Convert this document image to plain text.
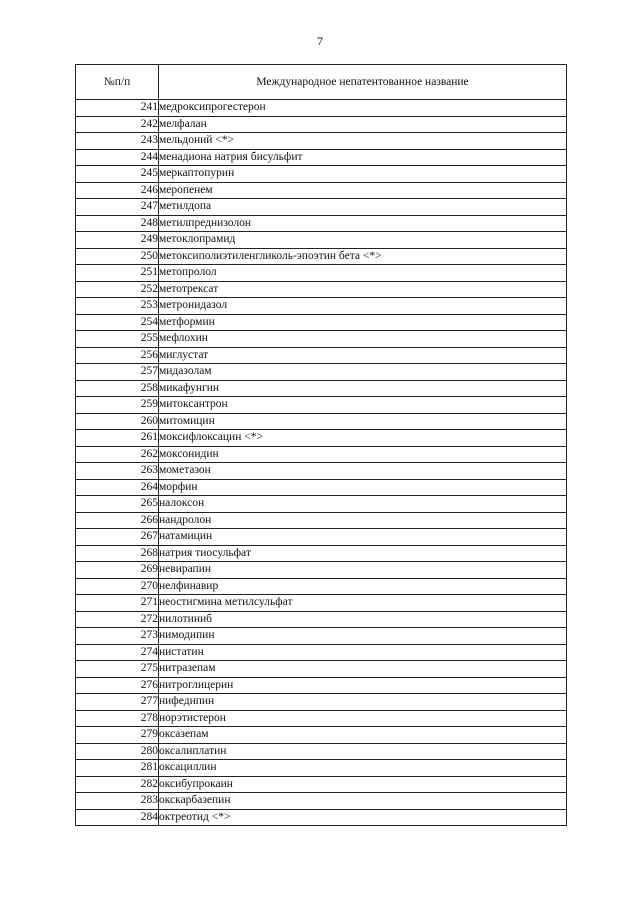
7
№п/п	Международное непатентованное название
241	медроксипрогестерон
242	мелфалан
243	мельдоний <*>
244	менадиона натрия бисульфит
245	меркаптопурин
246	меропенем
247	метилдопа
248	метилпреднизолон
249	метоклопрамид
250	метоксиполиэтиленгликоль-эпоэтин бета <*>
251	метопролол
252	метотрексат
253	метронидазол
254	метформин
255	мефлохин
256	миглустат
257	мидазолам
258	микафунгин
259	митоксантрон
260	митомицин
261	моксифлоксацин <*>
262	моксонидин
263	мометазон
264	морфин
265	налоксон
266	нандролон
267	натамицин
268	натрия тиосульфат
269	невирапин
270	нелфинавир
271	неостигмина метилсульфат
272	нилотиниб
273	нимодипин
274	нистатин
275	нитразепам
276	нитроглицерин
277	нифедипин
278	норэтистерон
279	оксазепам
280	оксалиплатин
281	оксациллин
282	оксибупрокаин
283	окскарбазепин
284	октреотид <*>
